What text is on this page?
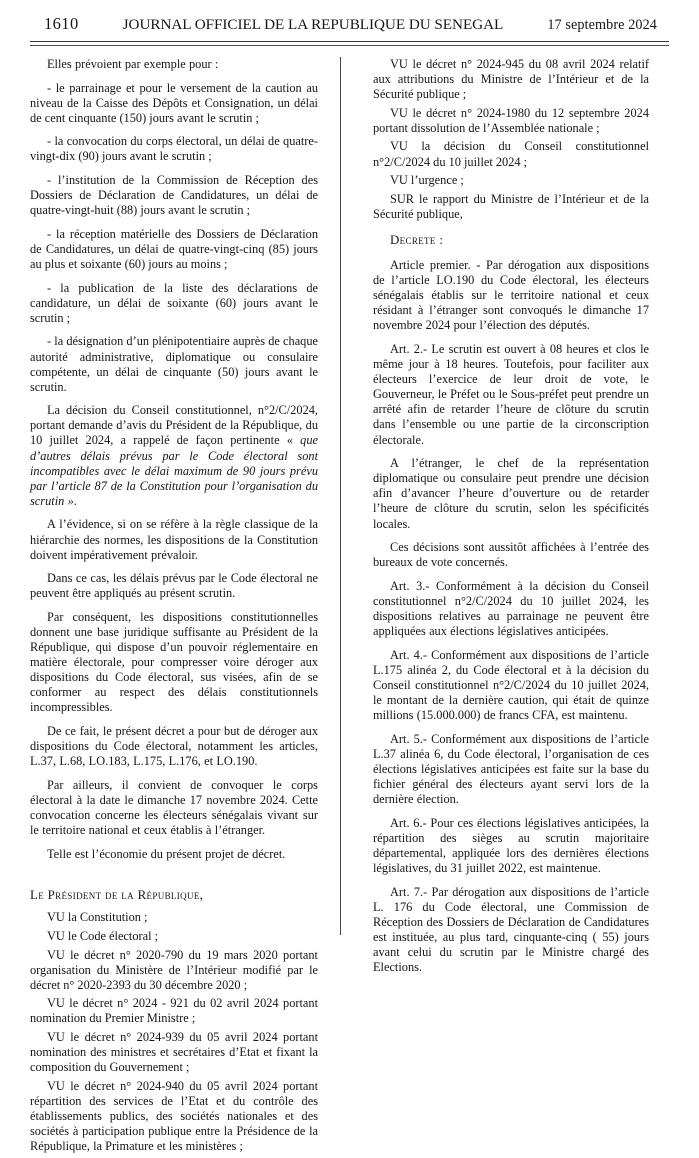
1610	JOURNAL OFFICIEL DE LA REPUBLIQUE DU SENEGAL	17 septembre 2024

Elles prévoient par exemple pour :

- le parrainage et pour le versement de la caution au niveau de la Caisse des Dépôts et Consignation, un délai de cent cinquante (150) jours avant le scrutin ;

- la convocation du corps électoral, un délai de quatre-vingt-dix (90) jours avant le scrutin ;

- l’institution de la Commission de Réception des Dossiers de Déclaration de Candidatures, un délai de quatre-vingt-huit (88) jours avant le scrutin ;

- la réception matérielle des Dossiers de Déclaration de Candidatures, un délai de quatre-vingt-cinq (85) jours au plus et soixante (60) jours au moins ;

- la publication de la liste des déclarations de candidature, un délai de soixante (60) jours avant le scrutin ;

- la désignation d’un plénipotentiaire auprès de chaque autorité administrative, diplomatique ou consulaire compétente, un délai de cinquante (50) jours avant le scrutin.

La décision du Conseil constitutionnel, n°2/C/2024, portant demande d’avis du Président de la République, du 10 juillet 2024, a rappelé de façon pertinente « que d’autres délais prévus par le Code électoral sont incompatibles avec le délai maximum de 90 jours prévu par l’article 87 de la Constitution pour l’organisation du scrutin ».

A l’évidence, si on se réfère à la règle classique de la hiérarchie des normes, les dispositions de la Constitution doivent impérativement prévaloir.

Dans ce cas, les délais prévus par le Code électoral ne peuvent être appliqués au présent scrutin.

Par conséquent, les dispositions constitutionnelles donnent une base juridique suffisante au Président de la République, qui dispose d’un pouvoir réglementaire en matière électorale, pour compresser voire déroger aux dispositions du Code électoral, sus visées, afin de se conformer au respect des délais constitutionnels incompressibles.

De ce fait, le présent décret a pour but de déroger aux dispositions du Code électoral, notamment les articles, L.37, L.68, LO.183, L.175, L.176, et LO.190.

Par ailleurs, il convient de convoquer le corps électoral à la date le dimanche 17 novembre 2024. Cette convocation concerne les électeurs sénégalais vivant sur le territoire national et ceux établis à l’étranger.

Telle est l’économie du présent projet de décret.

Le Président de la République,

VU la Constitution ;

VU le Code électoral ;

VU le décret n° 2020-790 du 19 mars 2020 portant organisation du Ministère de l’Intérieur modifié par le décret n° 2020-2393 du 30 décembre 2020 ;

VU le décret n° 2024 - 921 du 02 avril 2024 portant nomination du Premier Ministre ;

VU le décret n° 2024-939 du 05 avril 2024 portant nomination des ministres et secrétaires d’Etat et fixant la composition du Gouvernement ;

VU le décret n° 2024-940 du 05 avril 2024 portant répartition des services de l’Etat et du contrôle des établissements publics, des sociétés nationales et des sociétés à participation publique entre la Présidence de la République, la Primature et les ministères ;

VU le décret n° 2024-945 du 08 avril 2024 relatif aux attributions du Ministre de l’Intérieur et de la Sécurité publique ;

VU le décret n° 2024-1980 du 12 septembre 2024 portant dissolution de l’Assemblée nationale ;

VU la décision du Conseil constitutionnel n°2/C/2024 du 10 juillet 2024 ;

VU l’urgence ;

SUR le rapport du Ministre de l’Intérieur et de la Sécurité publique,

Decrete :

Article premier. - Par dérogation aux dispositions de l’article LO.190 du Code électoral, les électeurs sénégalais établis sur le territoire national et ceux résidant à l’étranger sont convoqués le dimanche 17 novembre 2024 pour l’élection des députés.

Art. 2.- Le scrutin est ouvert à 08 heures et clos le même jour à 18 heures. Toutefois, pour faciliter aux électeurs l’exercice de leur droit de vote, le Gouverneur, le Préfet ou le Sous-préfet peut prendre un arrêté afin de retarder l’heure de clôture du scrutin dans l’ensemble ou une partie de la circonscription électorale.

A l’étranger, le chef de la représentation diplomatique ou consulaire peut prendre une décision afin d’avancer l’heure d’ouverture ou de retarder l’heure de clôture du scrutin, selon les spécificités locales.

Ces décisions sont aussitôt affichées à l’entrée des bureaux de vote concernés.

Art. 3.- Conformément à la décision du Conseil constitutionnel n°2/C/2024 du 10 juillet 2024, les dispositions relatives au parrainage ne peuvent être appliquées aux élections législatives anticipées.

Art. 4.- Conformément aux dispositions de l’article L.175 alinéa 2, du Code électoral et à la décision du Conseil constitutionnel n°2/C/2024 du 10 juillet 2024, le montant de la dernière caution, qui était de quinze millions (15.000.000) de francs CFA, est maintenu.

Art. 5.- Conformément aux dispositions de l’article L.37 alinéa 6, du Code électoral, l’organisation de ces élections législatives anticipées est faite sur la base du fichier général des électeurs ayant servi lors de la dernière élection.

Art. 6.- Pour ces élections législatives anticipées, la répartition des sièges au scrutin majoritaire départemental, appliquée lors des dernières élections législatives, du 31 juillet 2022, est maintenue.

Art. 7.- Par dérogation aux dispositions de l’article L. 176 du Code électoral, une Commission de Réception des Dossiers de Déclaration de Candidatures est instituée, au plus tard, cinquante-cinq ( 55) jours avant celui du scrutin par le Ministre chargé des Elections.
